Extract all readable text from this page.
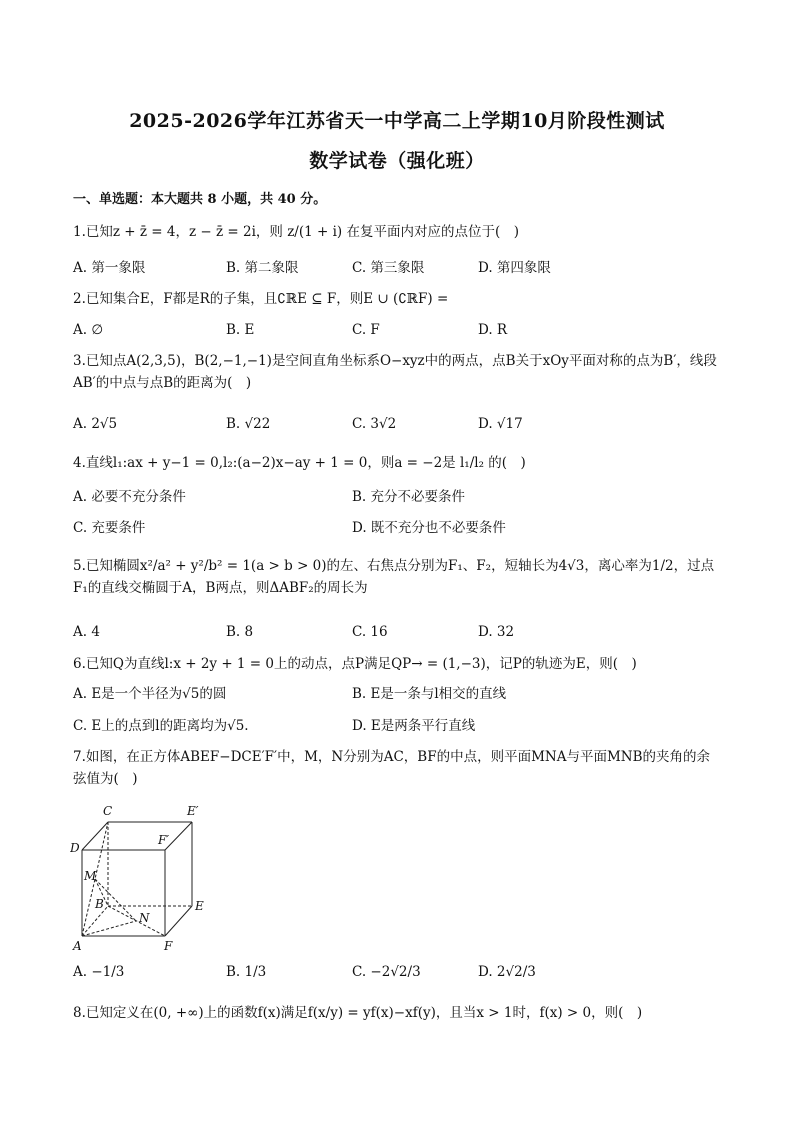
2025-2026学年江苏省天一中学高二上学期10月阶段性测试
数学试卷（强化班）
一、单选题：本大题共 8 小题，共 40 分。
1.已知z + z̄ = 4，z − z̄ = 2i，则 z/(1 + i) 在复平面内对应的点位于(　)
A. 第一象限	B. 第二象限	C. 第三象限	D. 第四象限
2.已知集合E，F都是R的子集，且∁ℝE ⊆ F，则E ∪ (∁ℝF) =
A. ∅	B. E	C. F	D. R
3.已知点A(2,3,5)，B(2,−1,−1)是空间直角坐标系O−xyz中的两点，点B关于xOy平面对称的点为B′，线段AB′的中点与点B的距离为(　)
A. 2√5	B. √22	C. 3√2	D. √17
4.直线l₁:ax + y−1 = 0,l₂:(a−2)x−ay + 1 = 0，则a = −2是 l₁/l₂ 的(　)
A. 必要不充分条件	B. 充分不必要条件
C. 充要条件	D. 既不充分也不必要条件
5.已知椭圆x²/a² + y²/b² = 1(a > b > 0)的左、右焦点分别为F₁、F₂，短轴长为4√3，离心率为1/2，过点F₁的直线交椭圆于A，B两点，则ΔABF₂的周长为
A. 4	B. 8	C. 16	D. 32
6.已知Q为直线l:x + 2y + 1 = 0上的动点，点P满足QP→ = (1,−3)，记P的轨迹为E，则(　)
A. E是一个半径为√5的圆	B. E是一条与l相交的直线
C. E上的点到l的距离均为√5.	D. E是两条平行直线
7.如图，在正方体ABEF−DCE′F′中，M，N分别为AC，BF的中点，则平面MNA与平面MNB的夹角的余弦值为(　)
C	E′
D
F′
M
B
N
E
A	F
A. −1/3	B. 1/3	C. −2√2/3	D. 2√2/3
8.已知定义在(0, +∞)上的函数f(x)满足f(x/y) = yf(x)−xf(y)，且当x > 1时，f(x) > 0，则(　)
